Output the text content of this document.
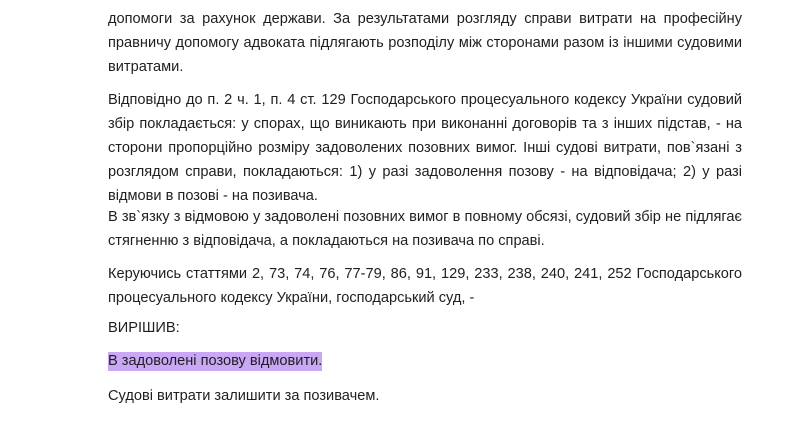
допомоги за рахунок держави. За результатами розгляду справи витрати на професійну правничу допомогу адвоката підлягають розподілу між сторонами разом із іншими судовими витратами.

Відповідно до п. 2 ч. 1, п. 4 ст. 129 Господарського процесуального кодексу України судовий збір покладається: у спорах, що виникають при виконанні договорів та з інших підстав, - на сторони пропорційно розміру задоволених позовних вимог. Інші судові витрати, пов`язані з розглядом справи, покладаються: 1) у разі задоволення позову - на відповідача; 2) у разі відмови в позові - на позивача.

В зв`язку з відмовою у задоволені позовних вимог в повному обсязі, судовий збір не підлягає стягненню з відповідача, а покладаються на позивача по справі.

Керуючись статтями 2, 73, 74, 76, 77-79, 86, 91, 129, 233, 238, 240, 241, 252 Господарського процесуального кодексу України, господарський суд, -

ВИРІШИВ:

В задоволені позову відмовити.

Судові витрати залишити за позивачем.
